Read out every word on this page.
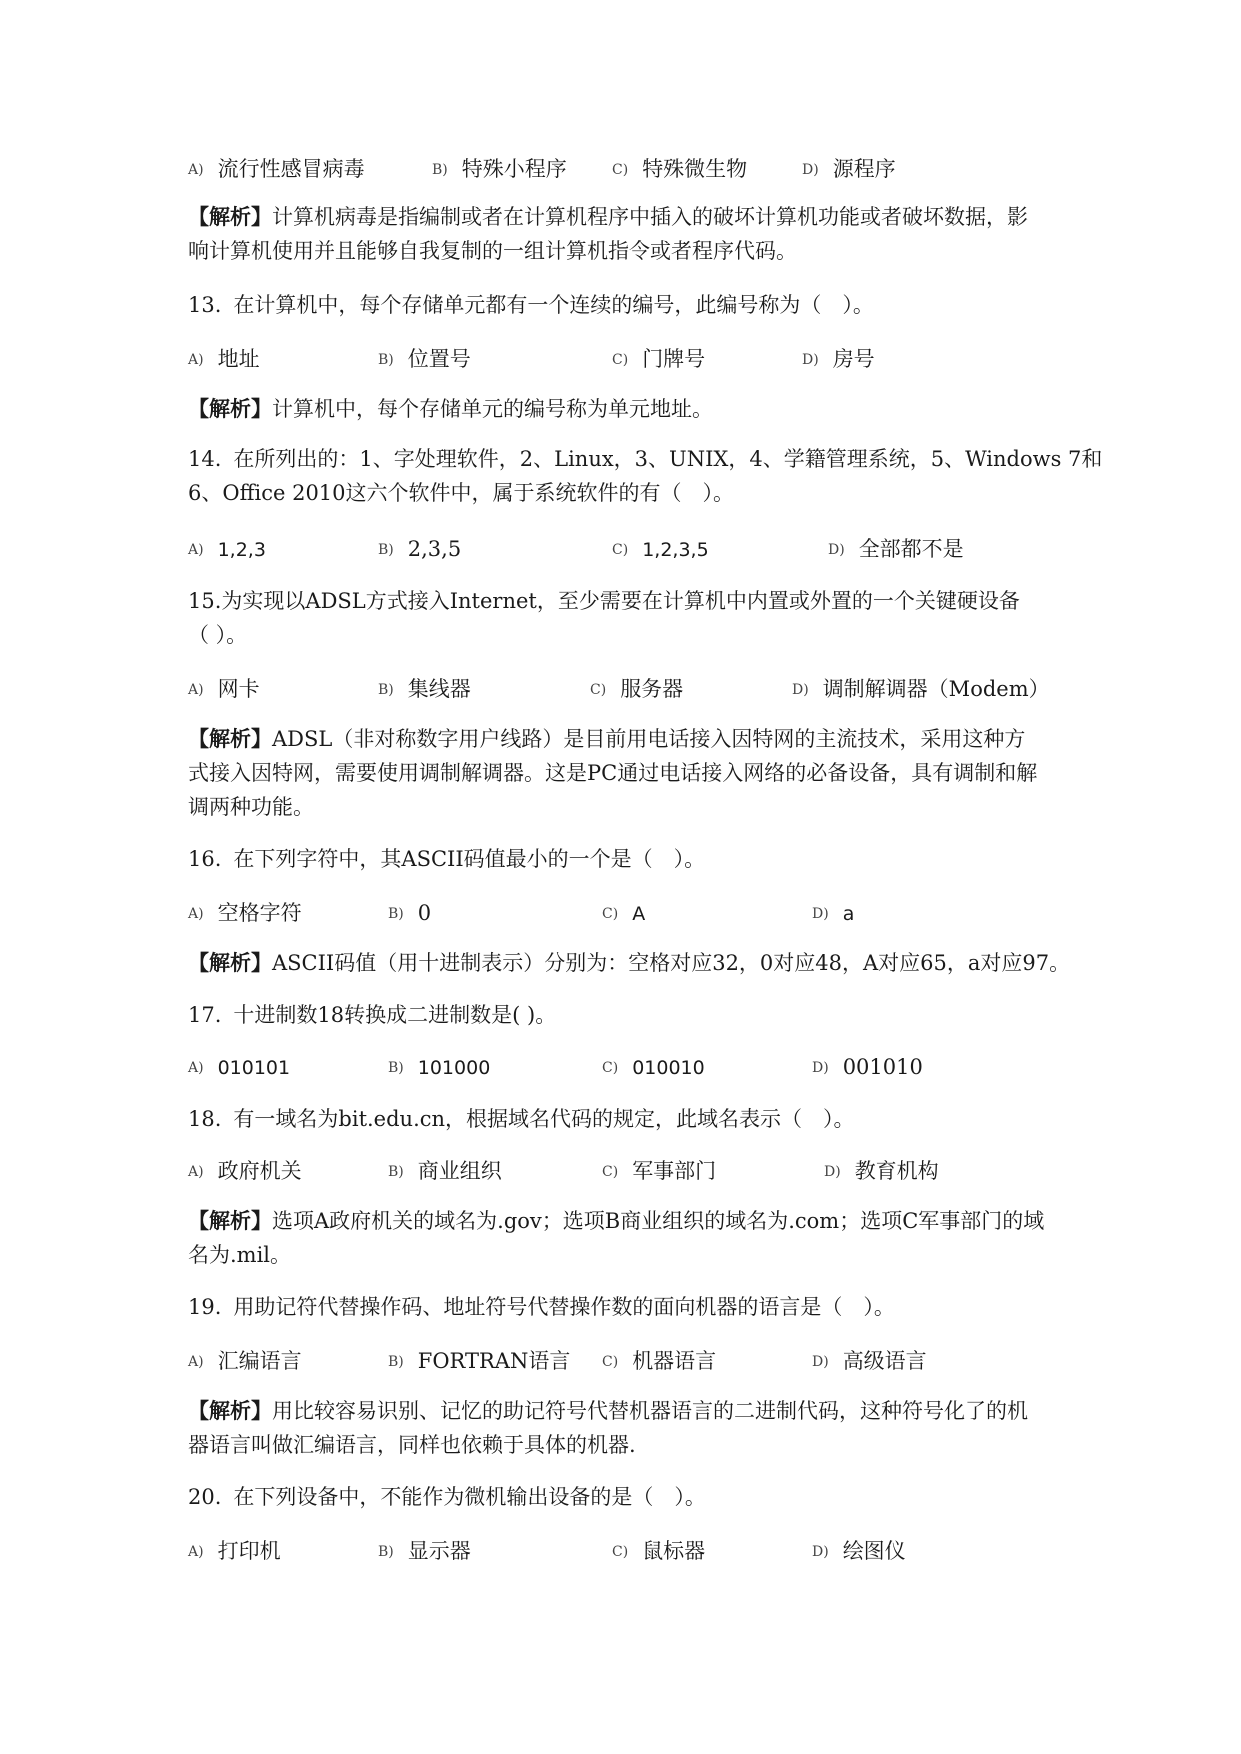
A) 流行性感冒病毒	B) 特殊小程序	C) 特殊微生物	D) 源程序
【解析】计算机病毒是指编制或者在计算机程序中插入的破坏计算机功能或者破坏数据，影
响计算机使用并且能够自我复制的一组计算机指令或者程序代码。
13. 在计算机中，每个存储单元都有一个连续的编号，此编号称为（　）。
A) 地址	B) 位置号	C) 门牌号	D) 房号
【解析】计算机中，每个存储单元的编号称为单元地址。
14. 在所列出的：1、字处理软件，2、Linux，3、UNIX，4、学籍管理系统，5、Windows 7和
6、Office 2010这六个软件中，属于系统软件的有（　）。
A) 1,2,3	B) 2,3,5	C) 1,2,3,5	D) 全部都不是
15.为实现以ADSL方式接入Internet，至少需要在计算机中内置或外置的一个关键硬设备
（ ）。
A) 网卡	B) 集线器	C) 服务器	D) 调制解调器（Modem）
【解析】ADSL（非对称数字用户线路）是目前用电话接入因特网的主流技术，采用这种方
式接入因特网，需要使用调制解调器。这是PC通过电话接入网络的必备设备，具有调制和解
调两种功能。
16. 在下列字符中，其ASCII码值最小的一个是（　）。
A) 空格字符	B) 0	C) A	D) a
【解析】ASCII码值（用十进制表示）分别为：空格对应32，0对应48，A对应65，a对应97。
17. 十进制数18转换成二进制数是( )。
A) 010101	B) 101000	C) 010010	D) 001010
18. 有一域名为bit.edu.cn，根据域名代码的规定，此域名表示（　）。
A) 政府机关	B) 商业组织	C) 军事部门	D) 教育机构
【解析】选项A政府机关的域名为.gov；选项B商业组织的域名为.com；选项C军事部门的域
名为.mil。
19. 用助记符代替操作码、地址符号代替操作数的面向机器的语言是（　）。
A) 汇编语言	B) FORTRAN语言 C) 机器语言	D) 高级语言
【解析】用比较容易识别、记忆的助记符号代替机器语言的二进制代码，这种符号化了的机
器语言叫做汇编语言，同样也依赖于具体的机器.
20. 在下列设备中，不能作为微机输出设备的是（　）。
A) 打印机	B) 显示器	C) 鼠标器	D) 绘图仪
